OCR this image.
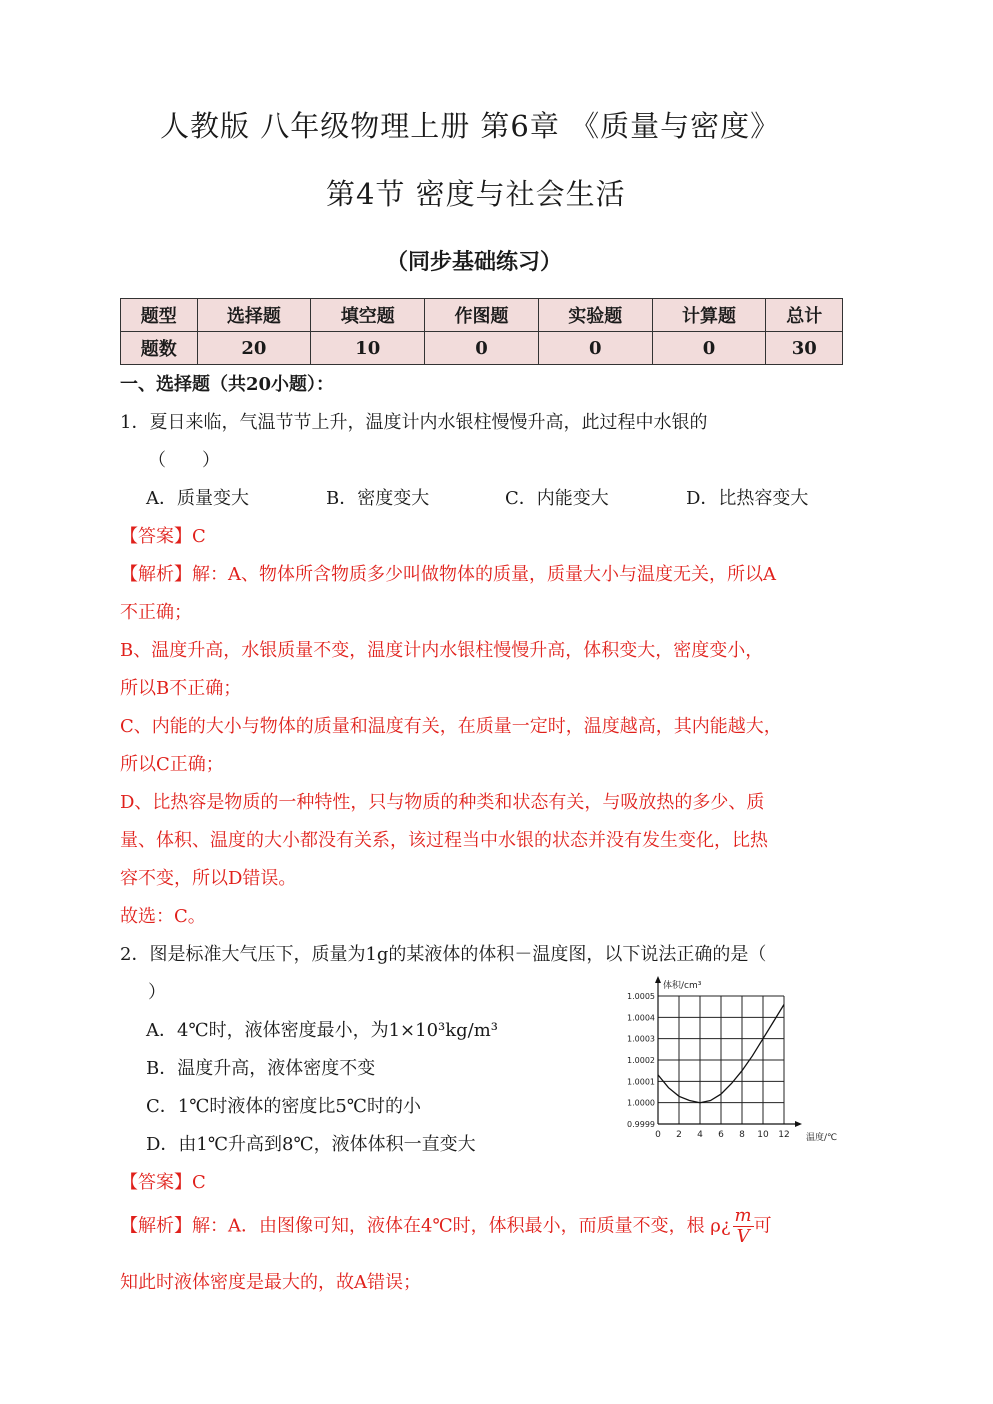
人教版 八年级物理上册 第6章 《质量与密度》
第4节 密度与社会生活
（同步基础练习）
题型	选择题	填空题	作图题	实验题	计算题	总计
题数	20	10	0	0	0	30
一、选择题（共20小题）：
1．夏日来临，气温节节上升，温度计内水银柱慢慢升高，此过程中水银的
（　　）
A．质量变大	B．密度变大	C．内能变大	D．比热容变大
【答案】C
【解析】解：A、物体所含物质多少叫做物体的质量，质量大小与温度无关，所以A
不正确；
B、温度升高，水银质量不变，温度计内水银柱慢慢升高，体积变大，密度变小，
所以B不正确；
C、内能的大小与物体的质量和温度有关，在质量一定时，温度越高，其内能越大，
所以C正确；
D、比热容是物质的一种特性，只与物质的种类和状态有关，与吸放热的多少、质
量、体积、温度的大小都没有关系，该过程当中水银的状态并没有发生变化，比热
容不变，所以D错误。
故选：C。
2．图是标准大气压下，质量为1g的某液体的体积－温度图，以下说法正确的是（
）
A．4℃时，液体密度最小，为1×10³kg/m³
B．温度升高，液体密度不变
C．1℃时液体的密度比5℃时的小
D．由1℃升高到8℃，液体体积一直变大	0 2 4 6 8 10 12
0.9999
1.0000
1.0001
1.0002
1.0003
1.0004
1.0005
体积/cm³
温度/℃
【答案】C
【解析】解：A．由图像可知，液体在4℃时，体积最小，而质量不变，根 ρ¿ $\frac{m}{V}$ 可
知此时液体密度是最大的，故A错误；
